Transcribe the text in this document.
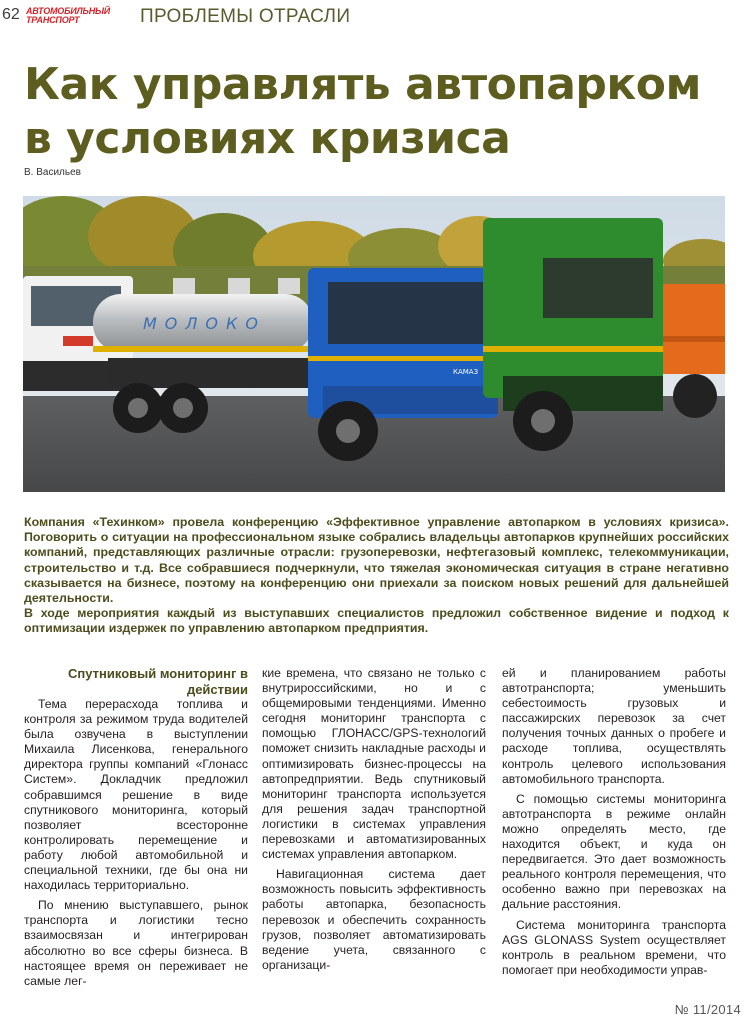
62 АВТОМОБИЛЬНЫЙ
ТРАНСПОРТ	ПРОБЛЕМЫ ОТРАСЛИ
Как управлять автопарком
в условиях кризиса
В. Васильев
МОЛОКО
КАМАЗ

Компания «Техинком» провела конференцию «Эффективное управление автопарком в условиях кризиса». Поговорить о ситуации на профессиональном языке собрались владельцы автопарков крупнейших российских компаний, представляющих различные отрасли: грузоперевозки, нефтегазовый комплекс, телекоммуникации, строительство и т.д. Все собравшиеся подчеркнули, что тяжелая экономическая ситуация в стране негативно сказывается на бизнесе, поэтому на конференцию они приехали за поиском новых решений для дальнейшей деятельности.

В ходе мероприятия каждый из выступавших специалистов предложил собственное видение и подход к оптимизации издержек по управлению автопарком предприятия.

Спутниковый мониторинг в действии

Тема перерасхода топлива и контроля за режимом труда водителей была озвучена в выступлении Михаила Лисенкова, генерального директора группы компаний «Глонасс Систем». Докладчик предложил собравшимся решение в виде спутникового мониторинга, который позволяет всесторонне контролировать перемещение и работу любой автомобильной и специальной техники, где бы она ни находилась территориально.

По мнению выступавшего, рынок транспорта и логистики тесно взаимосвязан и интегрирован абсолютно во все сферы бизнеса. В настоящее время он переживает не самые лег-

кие времена, что связано не только с внутрироссийскими, но и с общемировыми тенденциями. Именно сегодня мониторинг транспорта с помощью ГЛОНАСС/GPS-технологий поможет снизить накладные расходы и оптимизировать бизнес-процессы на автопредприятии. Ведь спутниковый мониторинг транспорта используется для решения задач транспортной логистики в системах управления перевозками и автоматизированных системах управления автопарком.

Навигационная система дает возможность повысить эффективность работы автопарка, безопасность перевозок и обеспечить сохранность грузов, позволяет автоматизировать ведение учета, связанного с организаци-

ей и планированием работы автотранспорта; уменьшить себестоимость грузовых и пассажирских перевозок за счет получения точных данных о пробеге и расходе топлива, осуществлять контроль целевого использования автомобильного транспорта.

С помощью системы мониторинга автотранспорта в режиме онлайн можно определять место, где находится объект, и куда он передвигается. Это дает возможность реального контроля перемещения, что особенно важно при перевозках на дальние расстояния.

Система мониторинга транспорта AGS GLONASS System осуществляет контроль в реальном времени, что помогает при необходимости управ-

№ 11/2014
